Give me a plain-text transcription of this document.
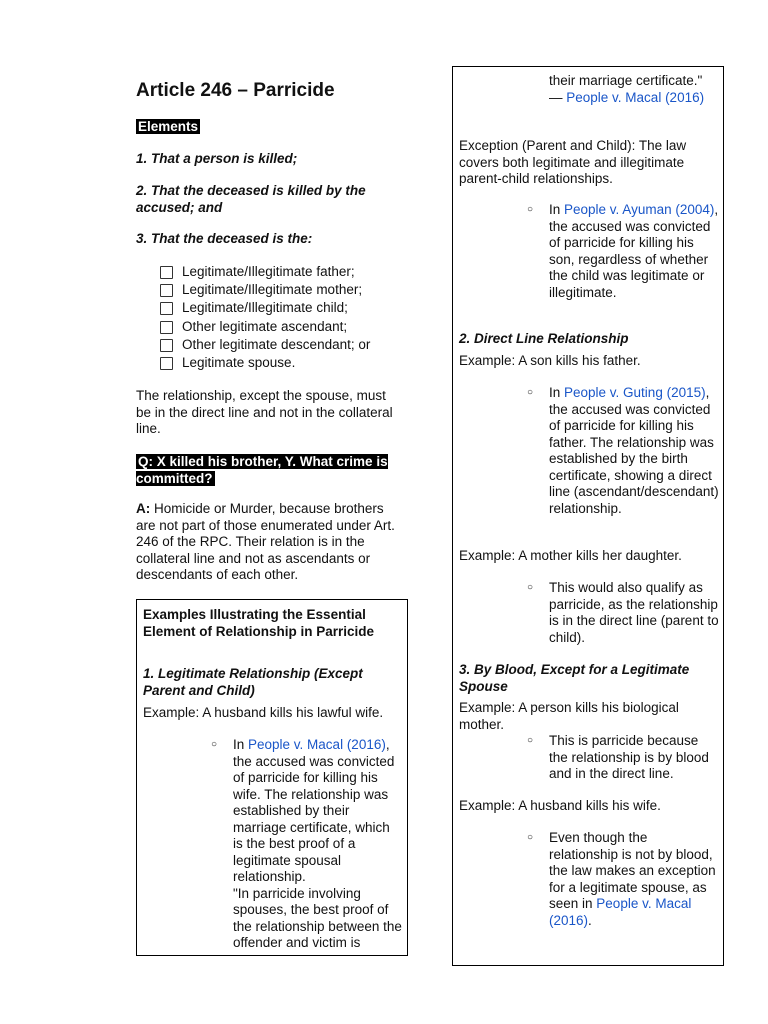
Article 246 – Parricide
Elements
1. That a person is killed;
2. That the deceased is killed by the accused; and
3. That the deceased is the:
Legitimate/Illegitimate father;
Legitimate/Illegitimate mother;
Legitimate/Illegitimate child;
Other legitimate ascendant;
Other legitimate descendant; or
Legitimate spouse.
The relationship, except the spouse, must be in the direct line and not in the collateral line.
Q: X killed his brother, Y. What crime is committed?
A: Homicide or Murder, because brothers are not part of those enumerated under Art. 246 of the RPC. Their relation is in the collateral line and not as ascendants or descendants of each other.
Examples Illustrating the Essential Element of Relationship in Parricide
1. Legitimate Relationship (Except Parent and Child)
Example: A husband kills his lawful wife.
○	In People v. Macal (2016), the accused was convicted of parricide for killing his wife. The relationship was established by their marriage certificate, which is the best proof of a legitimate spousal relationship.

"In parricide involving spouses, the best proof of the relationship between the offender and victim is

their marriage certificate."

— People v. Macal (2016)

Exception (Parent and Child): The law covers both legitimate and illegitimate parent-child relationships.
○	In People v. Ayuman (2004), the accused was convicted of parricide for killing his son, regardless of whether the child was legitimate or illegitimate.

2. Direct Line Relationship
Example: A son kills his father.
○	In People v. Guting (2015), the accused was convicted of parricide for killing his father. The relationship was established by the birth certificate, showing a direct line (ascendant/descendant) relationship.

Example: A mother kills her daughter.
○	This would also qualify as parricide, as the relationship is in the direct line (parent to child).

3. By Blood, Except for a Legitimate Spouse
Example: A person kills his biological mother.
○	This is parricide because the relationship is by blood and in the direct line.

Example: A husband kills his wife.
○	Even though the relationship is not by blood, the law makes an exception for a legitimate spouse, as seen in People v. Macal (2016).
